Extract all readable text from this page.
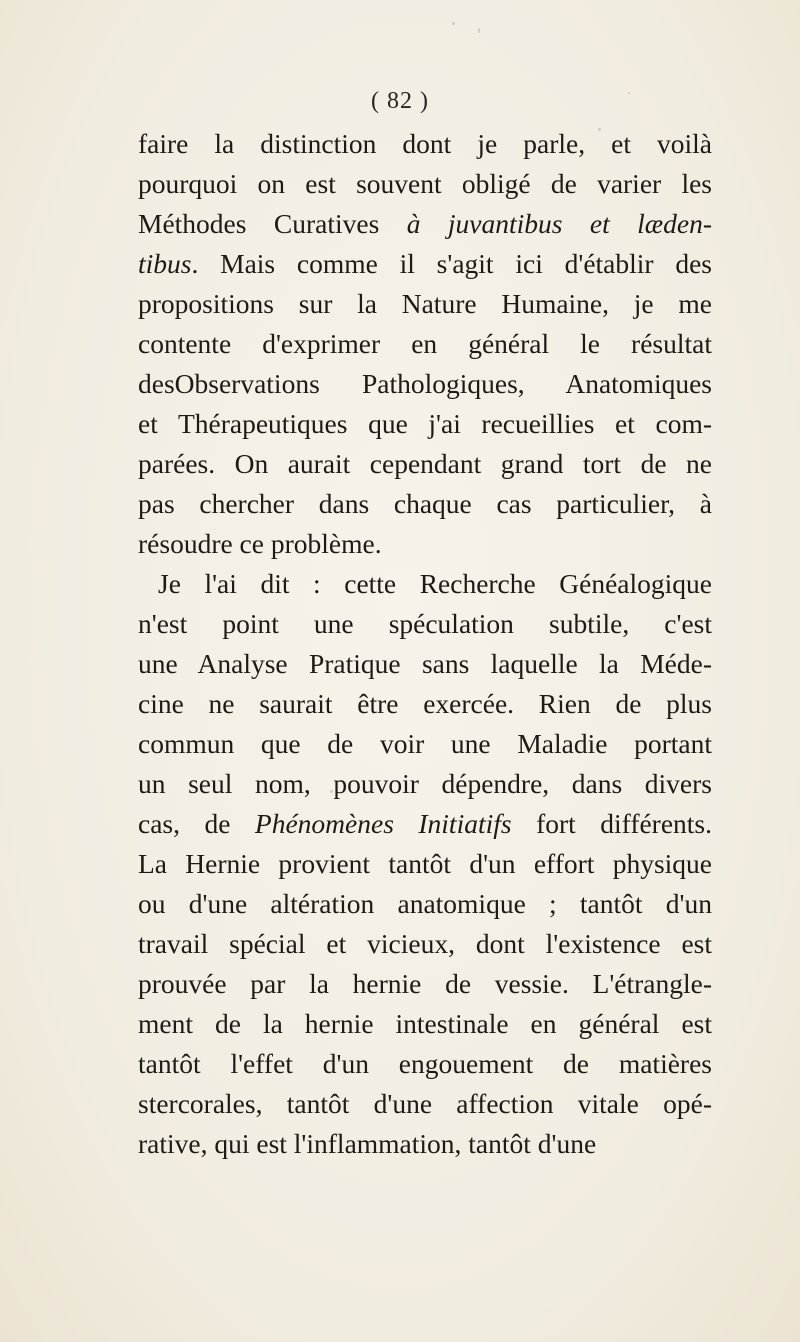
( 82 )
faire la distinction dont je parle, et voilà
pourquoi on est souvent obligé de varier les
Méthodes Curatives à juvantibus et læden-
tibus. Mais comme il s'agit ici d'établir des
propositions sur la Nature Humaine, je me
contente d'exprimer en général le résultat
desObservations Pathologiques, Anatomiques
et Thérapeutiques que j'ai recueillies et com-
parées. On aurait cependant grand tort de ne
pas chercher dans chaque cas particulier, à
résoudre ce problème.
Je l'ai dit : cette Recherche Généalogique
n'est point une spéculation subtile, c'est
une Analyse Pratique sans laquelle la Méde-
cine ne saurait être exercée. Rien de plus
commun que de voir une Maladie portant
un seul nom, pouvoir dépendre, dans divers
cas, de Phénomènes Initiatifs fort différents.
La Hernie provient tantôt d'un effort physique
ou d'une altération anatomique ; tantôt d'un
travail spécial et vicieux, dont l'existence est
prouvée par la hernie de vessie. L'étrangle-
ment de la hernie intestinale en général est
tantôt l'effet d'un engouement de matières
stercorales, tantôt d'une affection vitale opé-
rative, qui est l'inflammation, tantôt d'une
